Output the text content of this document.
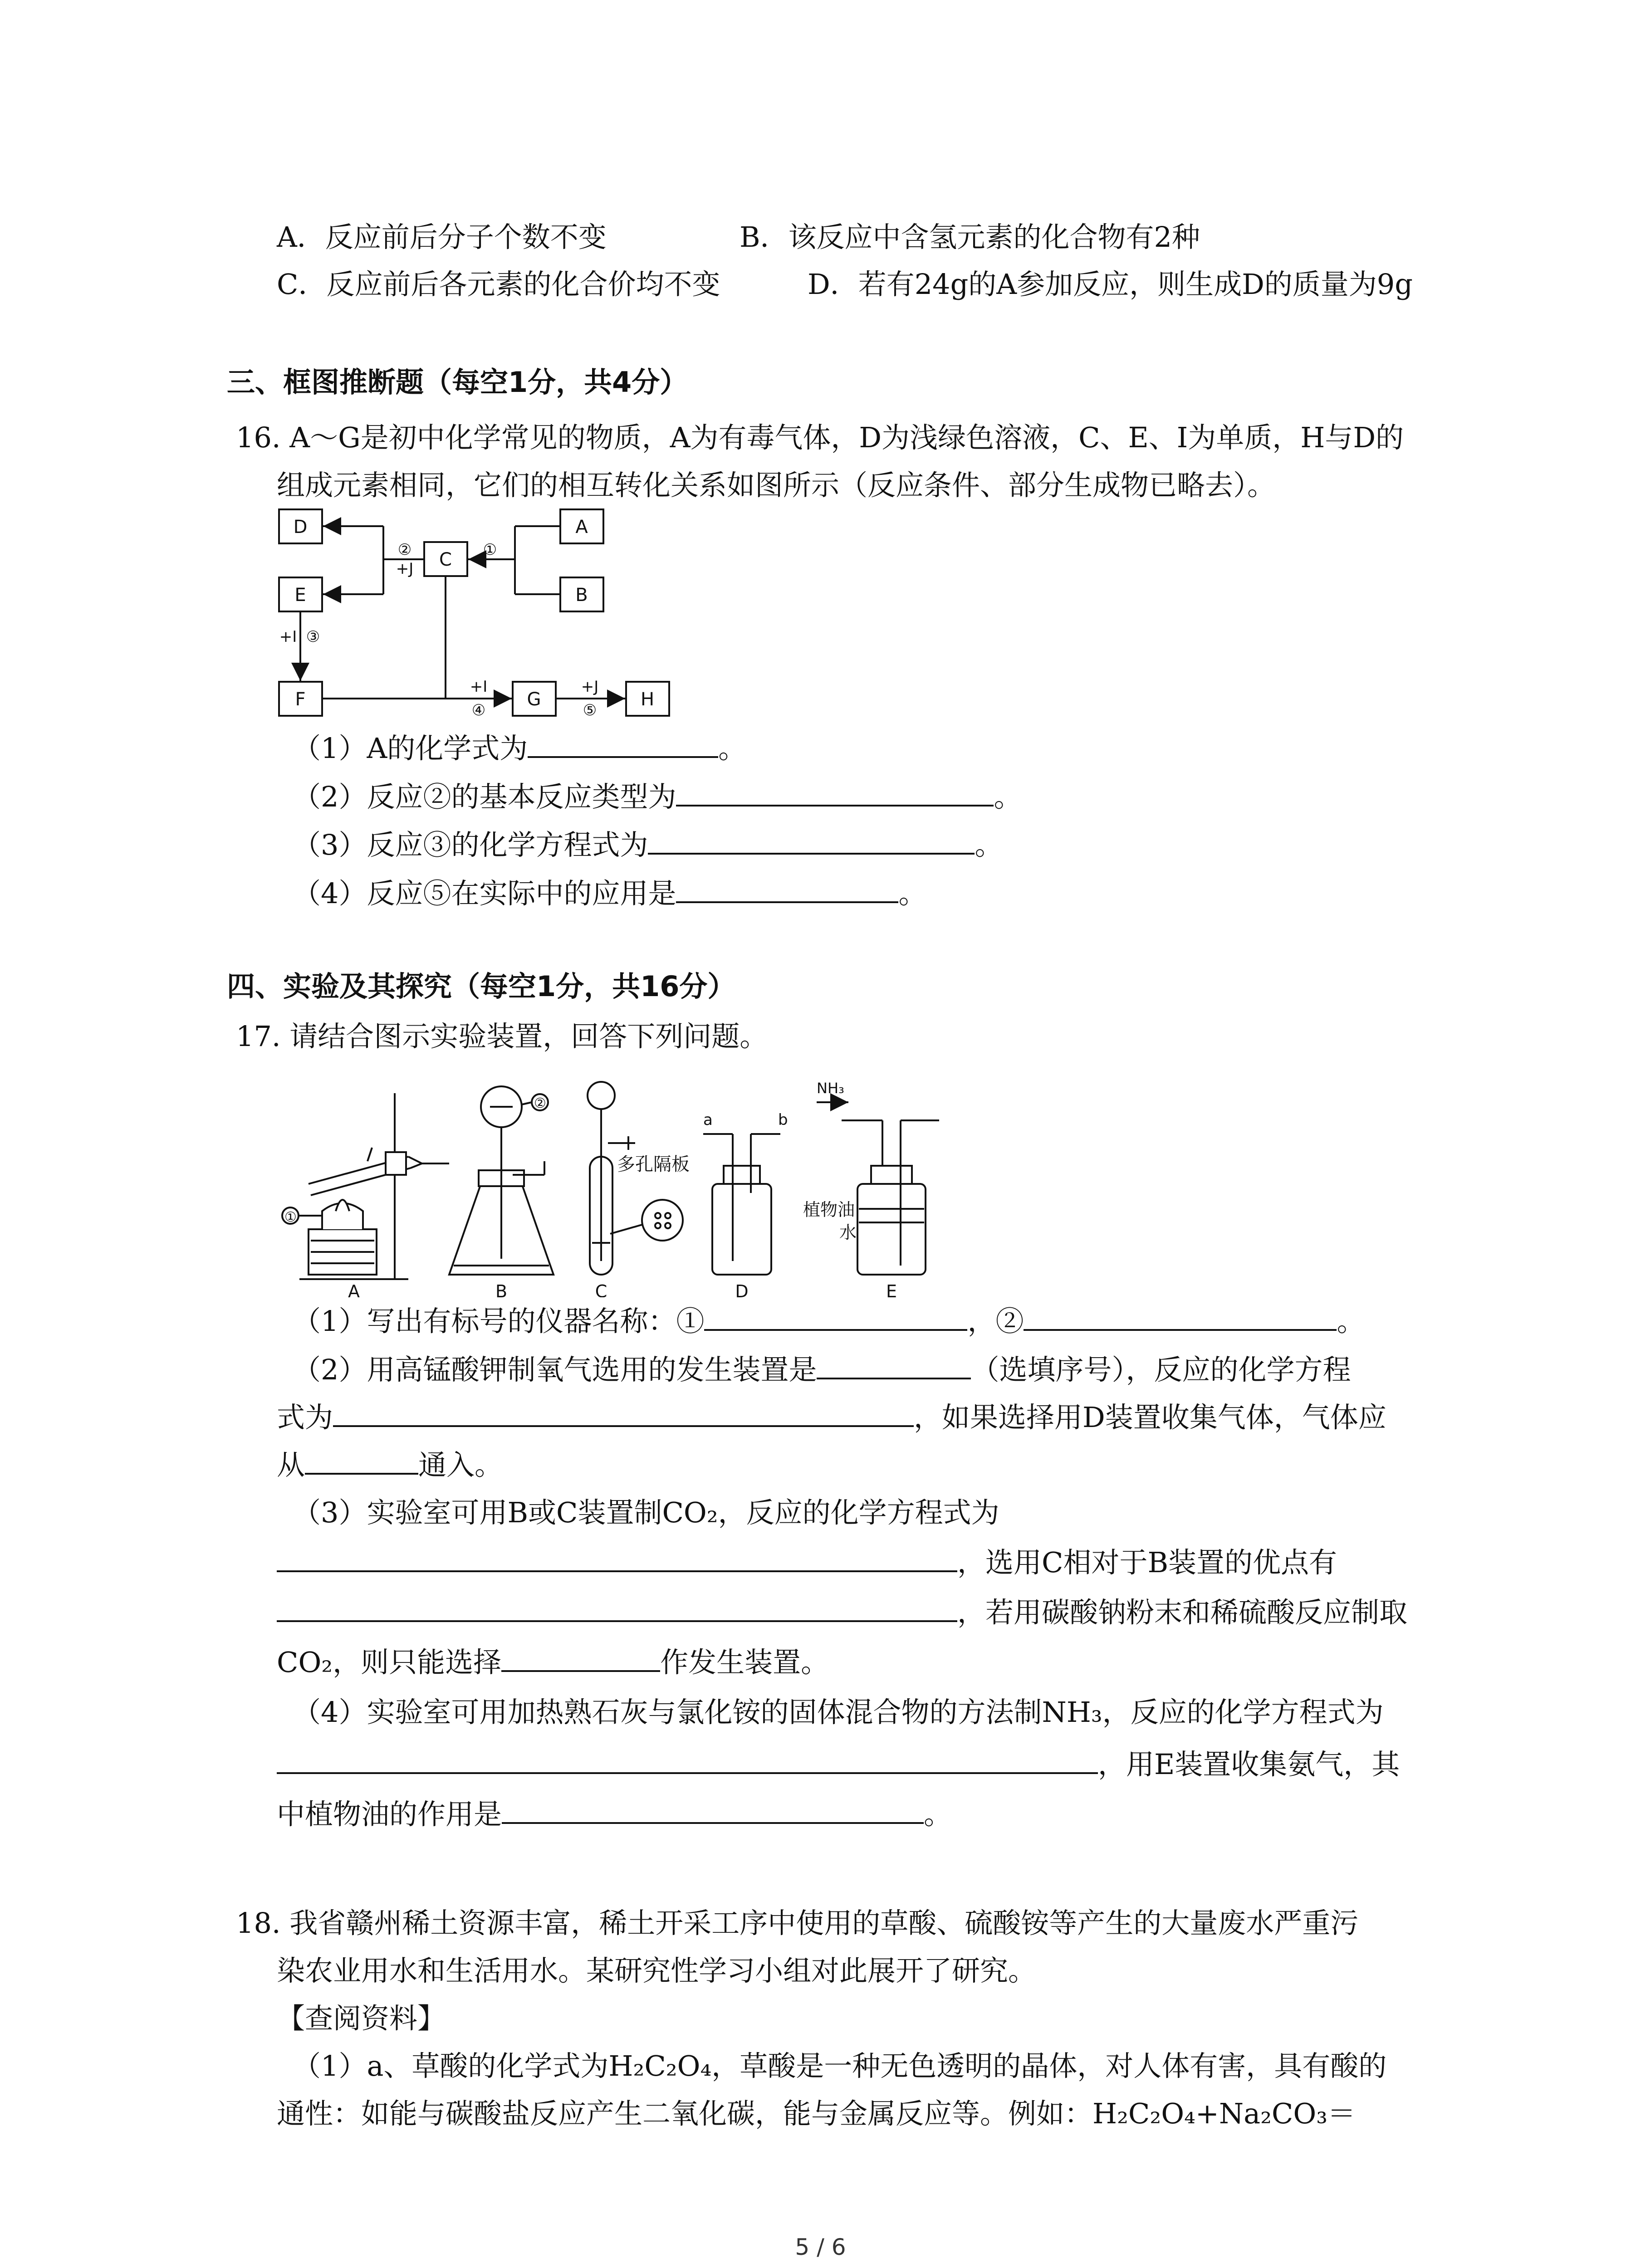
A．反应前后分子个数不变	B．该反应中含氢元素的化合物有2种
C．反应前后各元素的化合价均不变	D．若有24g的A参加反应，则生成D的质量为9g
三、框图推断题（每空1分，共4分）
16. A～G是初中化学常见的物质，A为有毒气体，D为浅绿色溶液，C、E、I为单质，H与D的
组成元素相同，它们的相互转化关系如图所示（反应条件、部分生成物已略去）。
D
E
F
C
A
B
G	H
①
②
+J
+I ③
+I
④
+J
⑤
（1）A的化学式为	。
（2）反应②的基本反应类型为	。
（3）反应③的化学方程式为	。
（4）反应⑤在实际中的应用是	。
四、实验及其探究（每空1分，共16分）
17. 请结合图示实验装置，回答下列问题。
A	B	C	D	E
①
②
多孔隔板
a	b
NH₃
植物油
水
（1）写出有标号的仪器名称：①	，②	。
（2）用高锰酸钾制氧气选用的发生装置是	（选填序号），反应的化学方程
式为	，如果选择用D装置收集气体，气体应
从	通入。
（3）实验室可用B或C装置制CO₂，反应的化学方程式为
，选用C相对于B装置的优点有
，若用碳酸钠粉末和稀硫酸反应制取
CO₂，则只能选择	作发生装置。
（4）实验室可用加热熟石灰与氯化铵的固体混合物的方法制NH₃，反应的化学方程式为
，用E装置收集氨气，其
中植物油的作用是	。
18. 我省赣州稀土资源丰富，稀土开采工序中使用的草酸、硫酸铵等产生的大量废水严重污
染农业用水和生活用水。某研究性学习小组对此展开了研究。
【查阅资料】
（1）a、草酸的化学式为H₂C₂O₄，草酸是一种无色透明的晶体，对人体有害，具有酸的
通性：如能与碳酸盐反应产生二氧化碳，能与金属反应等。例如：H₂C₂O₄+Na₂CO₃＝
5 / 6
